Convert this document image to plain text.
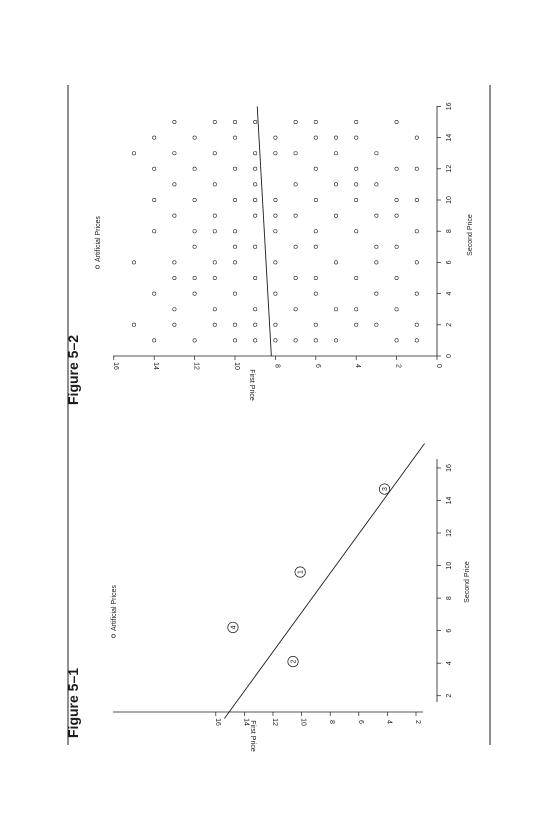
Figure 5–1
Artificial Prices
Second Price
First Price
2
4
6
8
10
12
14
16
2
4
6
8
10
12
14
16
1
2
3
4
Figure 5–2
Artificial Prices	Second Price
First Price
0
2
4
6
8
10
12
14
16
0
2
4
6
8
10
12
14
16
